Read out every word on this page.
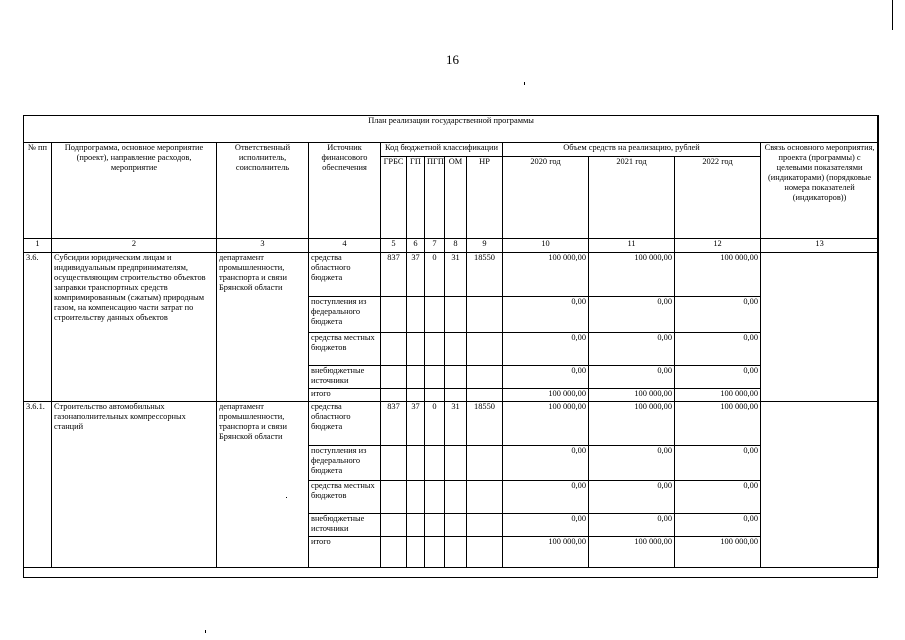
16
План реализации государственной программы												
№ пп	Подпрограмма, основное мероприятие (проект), направление расходов, мероприятие	Ответственный исполнитель, соисполнитель	Источник финансового обеспечения	Код бюджетной классификации					Объем средств на реализацию, рублей			Связь основного мероприятия, проекта (программы) с целевыми показателями (индикаторами) (порядковые номера показателей (индикаторов))
				ГРБС	ГП	ПГП	ОМ	НР	2020 год	2021 год	2022 год	
1	2	3	4	5	6	7	8	9	10	11	12	13
3.6.	Субсидии юридическим лицам и индивидуальным предпринимателям, осуществляющим строительство объектов заправки транспортных средств компримированным (сжатым) природным газом, на компенсацию части затрат по строительству данных объектов	департамент промышленности, транспорта и связи Брянской области	средства областного бюджета	837	37	0	31	18550	100 000,00	100 000,00	100 000,00	
			поступления из федерального бюджета						0,00	0,00	0,00	
			средства местных бюджетов						0,00	0,00	0,00	
			внебюджетные источники						0,00	0,00	0,00	
			итого						100 000,00	100 000,00	100 000,00	
3.6.1.	Строительство автомобильных газонаполнительных компрессорных станций	департамент промышленности, транспорта и связи Брянской области	средства областного бюджета	837	37	0	31	18550	100 000,00	100 000,00	100 000,00	
			поступления из федерального бюджета						0,00	0,00	0,00	
			средства местных бюджетов						0,00	0,00	0,00	
			внебюджетные источники						0,00	0,00	0,00	
			итого						100 000,00	100 000,00	100 000,00	
